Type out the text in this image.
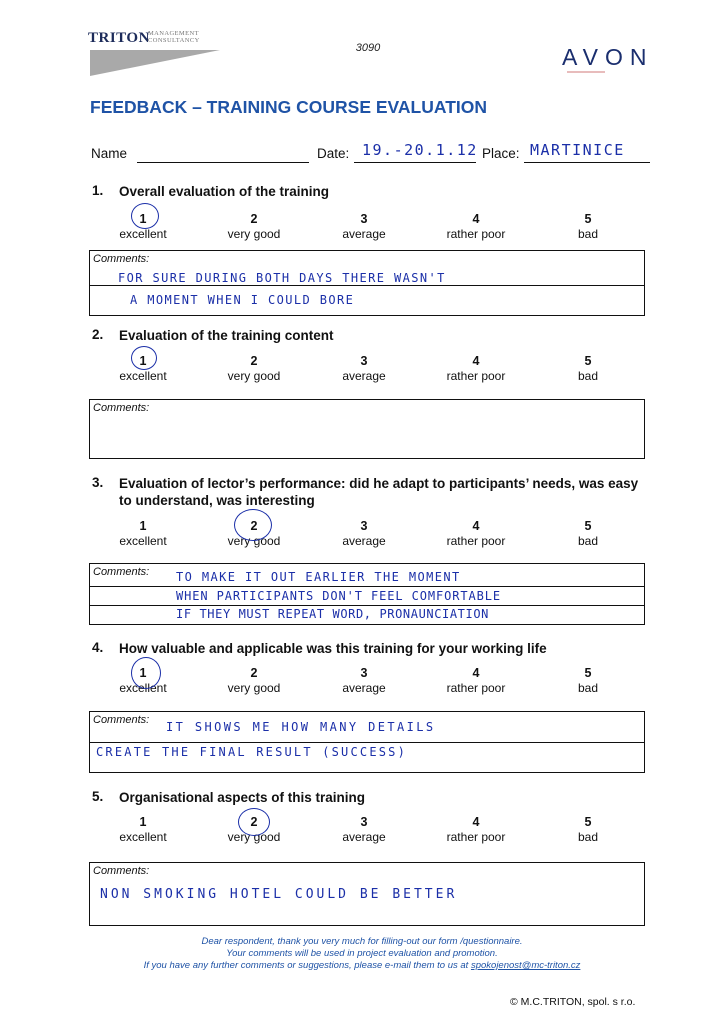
TRITON
MANAGEMENT
CONSULTANCY
3090	AVON
FEEDBACK – TRAINING COURSE EVALUATION
Name	Date: 19.-20.1.12 Place: MARTINICE
1. Overall evaluation of the training
1
excellent
2
very good
3
average
4
rather poor
5
bad
Comments:
FOR SURE DURING BOTH DAYS THERE WASN'T
A MOMENT WHEN I COULD BORE
2. Evaluation of the training content
1
excellent
2
very good
3
average
4
rather poor
5
bad
Comments:
3. Evaluation of lector’s performance: did he adapt to participants’ needs, was easy to understand, was interesting
1
excellent
2
very good
3
average
4
rather poor
5
bad
Comments: TO MAKE IT OUT EARLIER THE MOMENT
WHEN PARTICIPANTS DON'T FEEL COMFORTABLE
IF THEY MUST REPEAT WORD, PRONAUNCIATION
4. How valuable and applicable was this training for your working life
1
excellent
2
very good
3
average
4
rather poor
5
bad
Comments: IT SHOWS ME HOW MANY DETAILS
CREATE THE FINAL RESULT (SUCCESS)
5. Organisational aspects of this training
1
excellent
2
very good
3
average
4
rather poor
5
bad
Comments:
NON SMOKING HOTEL COULD BE BETTER
Dear respondent, thank you very much for filling-out our form /questionnaire.
Your comments will be used in project evaluation and promotion.
If you have any further comments or suggestions, please e-mail them to us at spokojenost@mc-triton.cz
© M.C.TRITON, spol. s r.o.
